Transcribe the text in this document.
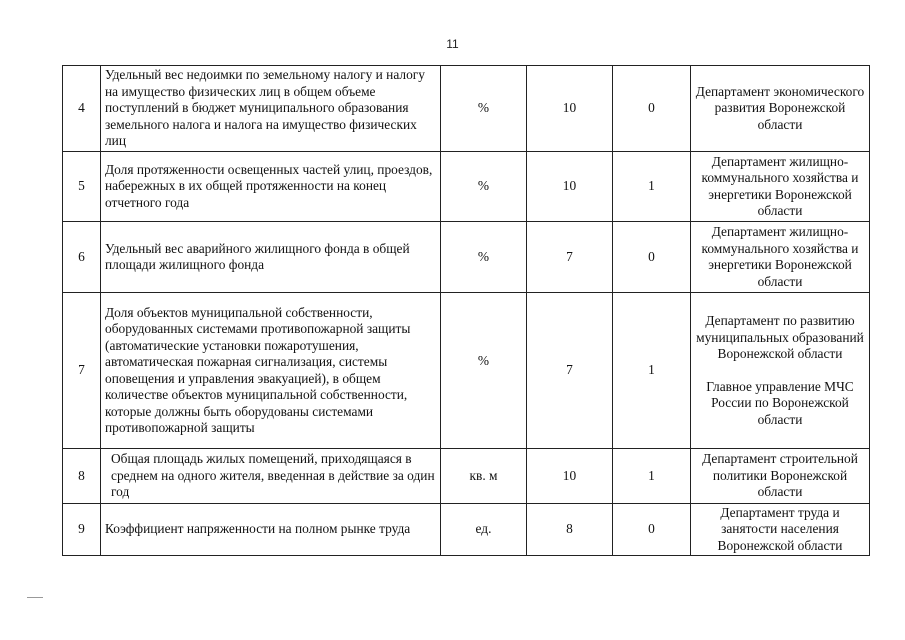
11
4	Удельный вес недоимки по земельному налогу и налогу на имущество физических лиц в общем объеме поступлений в бюджет муниципального образования земельного налога и налога на имущество физических лиц	%	10	0	Департамент экономического развития Воронежской области
5	Доля протяженности освещенных частей улиц, проездов, набережных в их общей протяженности на конец отчетного года	%	10	1	Департамент жилищно-коммунального хозяйства и энергетики Воронежской области
6	Удельный вес аварийного жилищного фонда в общей площади жилищного фонда	%	7	0	Департамент жилищно-коммунального хозяйства и энергетики Воронежской области
7	Доля объектов муниципальной собственности, оборудованных системами противопожарной защиты (автоматические установки пожаротушения, автоматическая пожарная сигнализация, системы оповещения и управления эвакуацией), в общем количестве объектов муниципальной собственности, которые должны быть оборудованы системами противопожарной защиты	%	7	1	Департамент по развитию муниципальных образований Воронежской области
Главное управление МЧС России по Воронежской области
8	Общая площадь жилых помещений, приходящаяся в среднем на одного жителя, введенная в действие за один год	кв. м	10	1	Департамент строительной политики Воронежской области
9	Коэффициент напряженности на полном рынке труда	ед.	8	0	Департамент труда и занятости населения Воронежской области
